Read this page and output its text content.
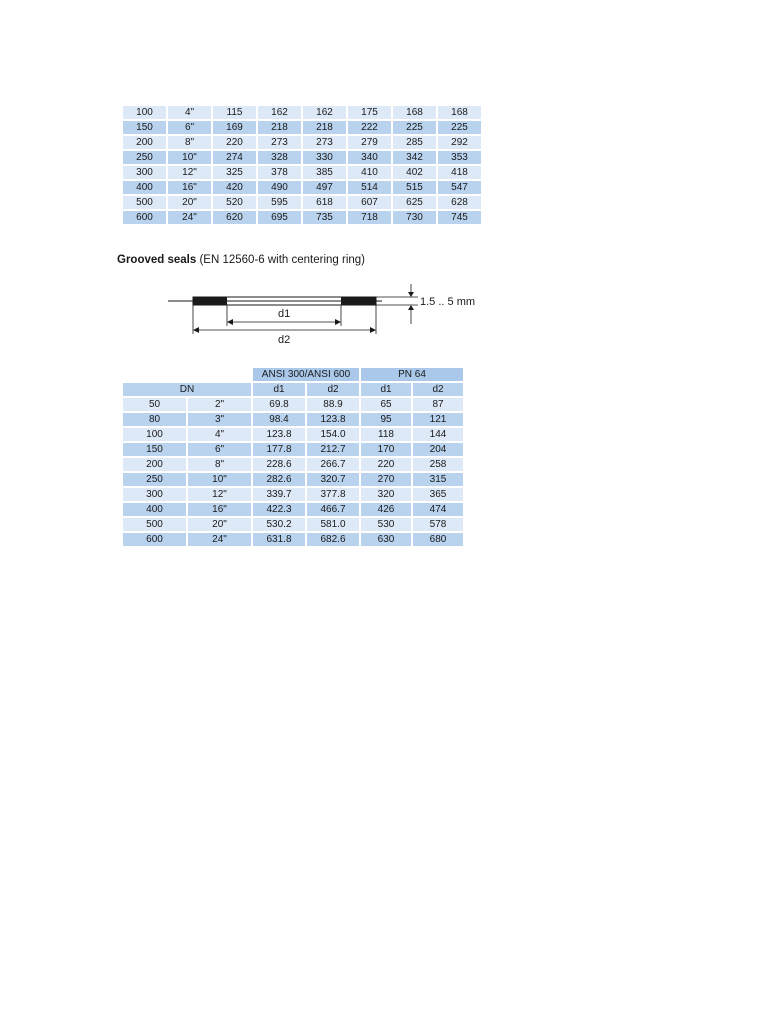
100	4"	115	162	162	175	168	168
150	6"	169	218	218	222	225	225
200	8"	220	273	273	279	285	292
250	10"	274	328	330	340	342	353
300	12"	325	378	385	410	402	418
400	16"	420	490	497	514	515	547
500	20"	520	595	618	607	625	628
600	24"	620	695	735	718	730	745
Grooved seals (EN 12560-6 with centering ring)
1.5 .. 5 mm
d1
d2
		ANSI 300/ANSI 600		PN 64	
DN		d1	d2	d1	d2
50	2"	69.8	88.9	65	87
80	3"	98.4	123.8	95	121
100	4"	123.8	154.0	118	144
150	6"	177.8	212.7	170	204
200	8"	228.6	266.7	220	258
250	10"	282.6	320.7	270	315
300	12"	339.7	377.8	320	365
400	16"	422.3	466.7	426	474
500	20"	530.2	581.0	530	578
600	24"	631.8	682.6	630	680
